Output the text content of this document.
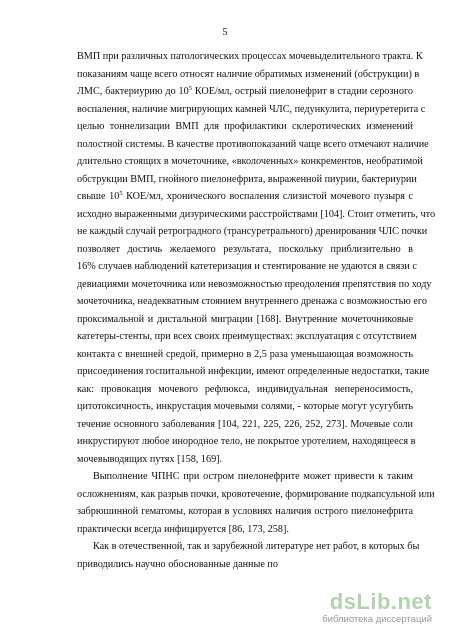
5
ВМП при различных патологических процессах мочевыделительного тракта. К
показаниям чаще всего относят наличие обратимых изменений (обструкции) в
ЛМС, бактериурию до $10^5$ КОЕ/мл, острый пиелонефрит в стадии серозного
воспаления, наличие мигрирующих камней ЧЛС, педункулита, периуретерита с
целью тоннелизации ВМП для профилактики склеротических изменений
полостной системы. В качестве противопоказаний чаще всего отмечают наличие
длительно стоящих в мочеточнике, «вколоченных» конкрементов, необратимой
обструкции ВМП, гнойного пиелонефрита, выраженной пиурии, бактериурии
свыше $10^5$ КОЕ/мл, хронического воспаления слизистой мочевого пузыря с
исходно выраженными дизурическими расстройствами [104]. Стоит отметить, что
не каждый случай ретроградного (трансуретрального) дренирования ЧЛС почки
позволяет достичь желаемого результата, поскольку приблизительно в
16% случаев наблюдений катетеризация и стентирование не удаются в связи с
девиациями мочеточника или невозможностью преодоления препятствия по ходу
мочеточника, неадекватным стоянием внутреннего дренажа с возможностью его
проксимальной и дистальной миграции [168]. Внутренние мочеточниковые
катетеры-стенты, при всех своих преимуществах: эксплуатация с отсутствием
контакта с внешней средой, примерно в 2,5 раза уменьшающая возможность
присоединения госпитальной инфекции, имеют определенные недостатки, такие
как: провокация мочевого рефлюкса, индивидуальная непереносимость,
цитотоксичность, инкрустация мочевыми солями, - которые могут усугубить
течение основного заболевания [104, 221, 225, 226, 252, 273]. Мочевые соли
инкрустируют любое инородное тело, не покрытое уротелием, находящееся в
мочевыводящих путях [158, 169].
Выполнение ЧПНС при остром пиелонефрите может привести к таким
осложнениям, как разрыв почки, кровотечение, формирование подкапсульной или
забрюшинной гематомы, которая в условиях наличия острого пиелонефрита
практически всегда инфицируется [86, 173, 258].
Как в отечественной, так и зарубежной литературе нет работ, в которых бы
приводились научно обоснованные данные по
dsLib.net
библиотека диссертаций
